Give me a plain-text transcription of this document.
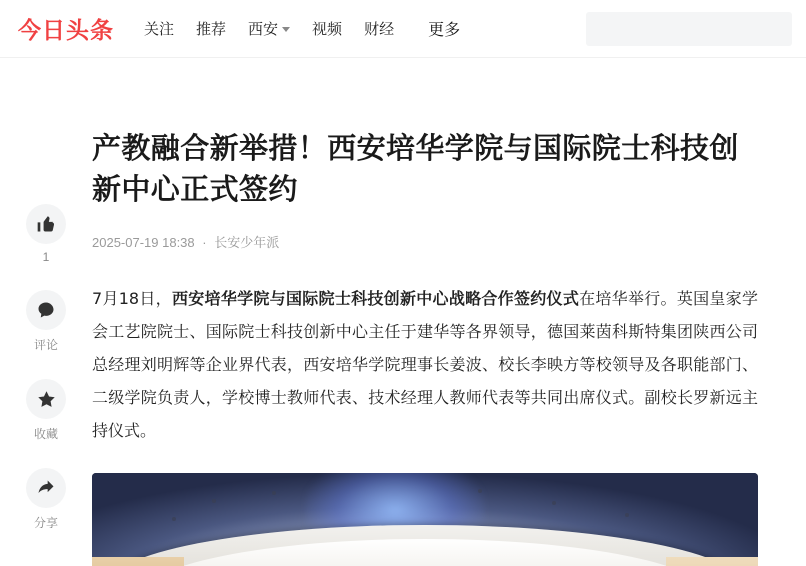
今日头条 关注 推荐 西安 视频 财经 更多
1
评论
收藏
分享
产教融合新举措！西安培华学院与国际院士科技创新中心正式签约
2025-07-19 18:38 · 长安少年派
7月18日，西安培华学院与国际院士科技创新中心战略合作签约仪式在培华举行。英国皇家学会工艺院院士、国际院士科技创新中心主任于建华等各界领导，德国莱茵科斯特集团陕西公司总经理刘明辉等企业界代表，西安培华学院理事长姜波、校长李映方等校领导及各职能部门、二级学院负责人，学校博士教师代表、技术经理人教师代表等共同出席仪式。副校长罗新远主持仪式。
